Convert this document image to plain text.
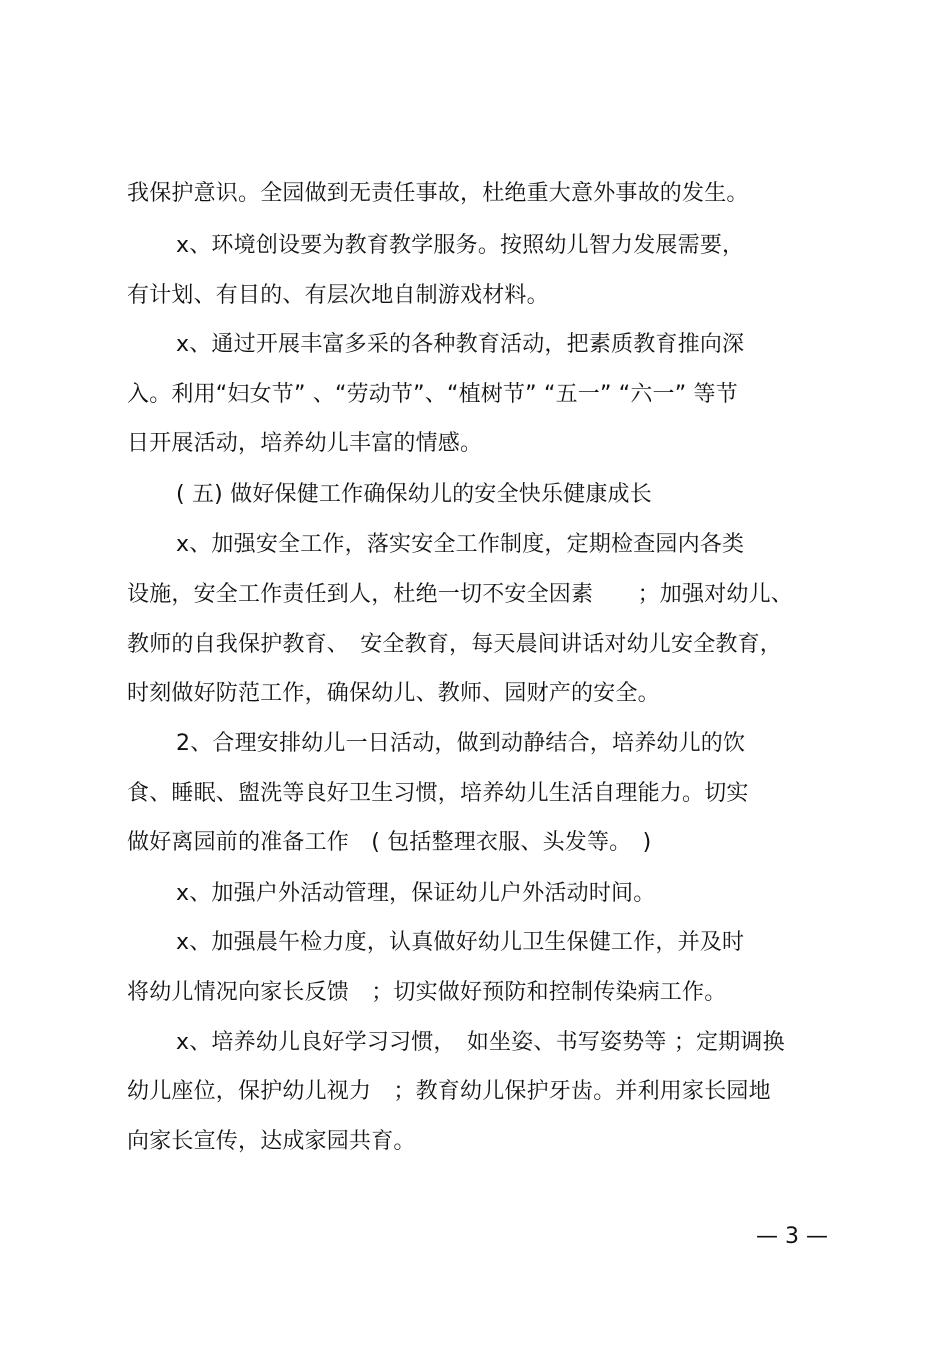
我保护意识。全园做到无责任事故，杜绝重大意外事故的发生。
x、环境创设要为教育教学服务。按照幼儿智力发展需要，
有计划、有目的、有层次地自制游戏材料。
x、通过开展丰富多采的各种教育活动，把素质教育推向深
入。利用“妇女节” 、“劳动节”、“植树节” “五一” “六一” 等节
日开展活动，培养幼儿丰富的情感。
( 五) 做好保健工作确保幼儿的安全快乐健康成长
x、加强安全工作，落实安全工作制度，定期检查园内各类
设施，安全工作责任到人，杜绝一切不安全因素　　；加强对幼儿、
教师的自我保护教育、　安全教育，每天晨间讲话对幼儿安全教育，
时刻做好防范工作，确保幼儿、教师、园财产的安全。
2、合理安排幼儿一日活动，做到动静结合，培养幼儿的饮
食、睡眠、盥洗等良好卫生习惯，培养幼儿生活自理能力。切实
做好离园前的准备工作　( 包括整理衣服、头发等。　)
x、加强户外活动管理，保证幼儿户外活动时间。
x、加强晨午检力度，认真做好幼儿卫生保健工作，并及时
将幼儿情况向家长反馈　；切实做好预防和控制传染病工作。
x、培养幼儿良好学习习惯，　如坐姿、书写姿势等 ；定期调换
幼儿座位，保护幼儿视力　；教育幼儿保护牙齿。并利用家长园地
向家长宣传，达成家园共育。
— 3 —
